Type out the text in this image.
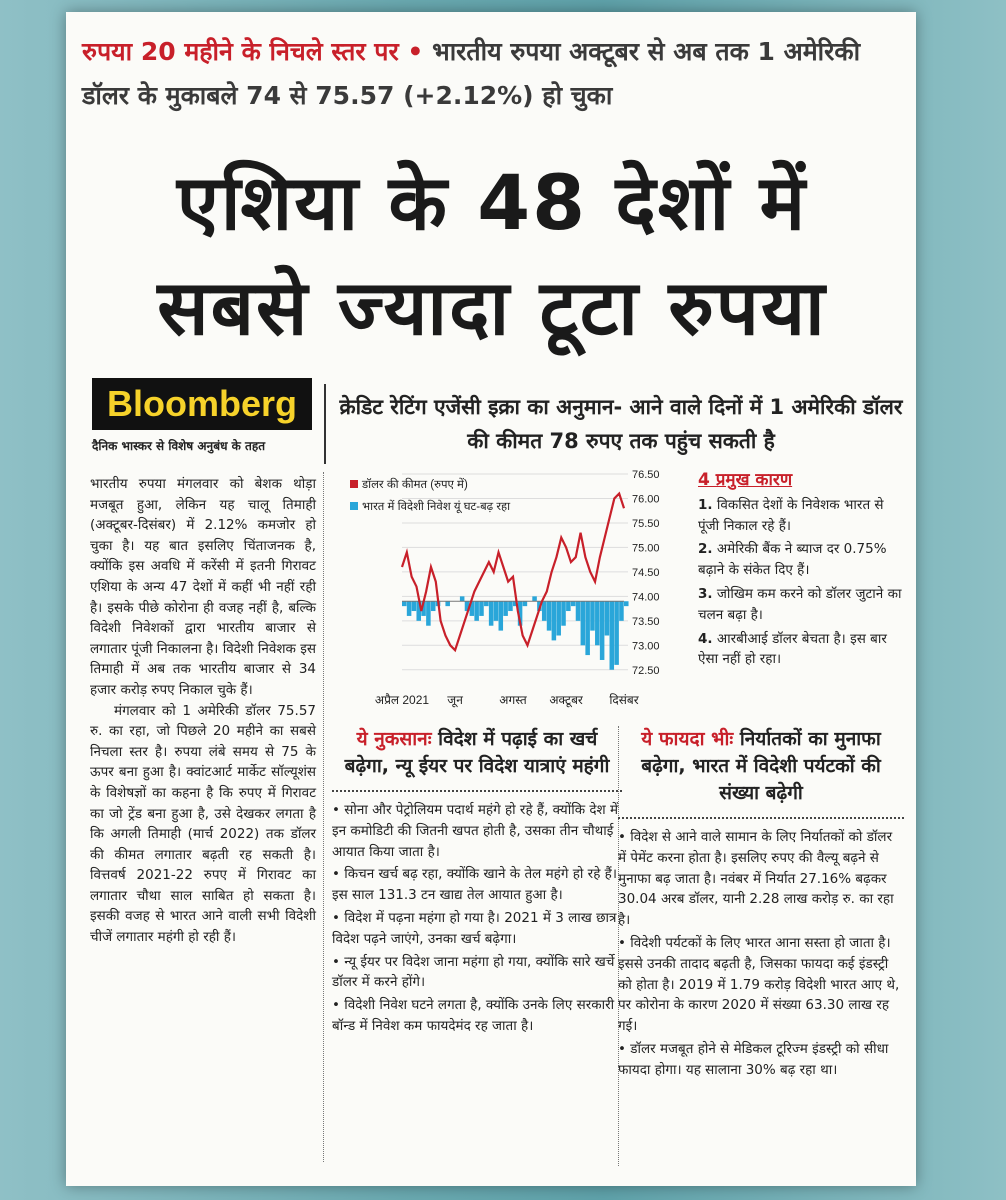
रुपया 20 महीने के निचले स्तर पर • भारतीय रुपया अक्टूबर से अब तक 1 अमेरिकी डॉलर के मुकाबले 74 से 75.57 (+2.12%) हो चुका
एशिया के 48 देशों में
सबसे ज्यादा टूटा रुपया
Bloomberg
दैनिक भास्कर से विशेष अनुबंध के तहत
क्रेडिट रेटिंग एजेंसी इक्रा का अनुमान- आने वाले दिनों में 1 अमेरिकी डॉलर की कीमत 78 रुपए तक पहुंच सकती है

भारतीय रुपया मंगलवार को बेशक थोड़ा मजबूत हुआ, लेकिन यह चालू तिमाही (अक्टूबर-दिसंबर) में 2.12% कमजोर हो चुका है। यह बात इसलिए चिंताजनक है, क्योंकि इस अवधि में करेंसी में इतनी गिरावट एशिया के अन्य 47 देशों में कहीं भी नहीं रही है। इसके पीछे कोरोना ही वजह नहीं है, बल्कि विदेशी निवेशकों द्वारा भारतीय बाजार से लगातार पूंजी निकालना है। विदेशी निवेशक इस तिमाही में अब तक भारतीय बाजार से 34 हजार करोड़ रुपए निकाल चुके हैं।

मंगलवार को 1 अमेरिकी डॉलर 75.57 रु. का रहा, जो पिछले 20 महीने का सबसे निचला स्तर है। रुपया लंबे समय से 75 के ऊपर बना हुआ है। क्वांटआर्ट मार्केट सॉल्यूशंस के विशेषज्ञों का कहना है कि रुपए में गिरावट का जो ट्रेंड बना हुआ है, उसे देखकर लगता है कि अगली तिमाही (मार्च 2022) तक डॉलर की कीमत लगातार बढ़ती रह सकती है। वित्तवर्ष 2021-22 रुपए में गिरावट का लगातार चौथा साल साबित हो सकता है। इसकी वजह से भारत आने वाली सभी विदेशी चीजें लगातार महंगी हो रही हैं।

76.50
76.00
75.50
75.00
74.50
74.00
73.50
73.00
72.50
अप्रैल 2021 जून	अगस्त अक्टूबर दिसंबर
डॉलर की कीमत (रुपए में)
भारत में विदेशी निवेश यूं घट-बढ़ रहा
4 प्रमुख कारण
1. विकसित देशों के निवेशक भारत से पूंजी निकाल रहे हैं।
2. अमेरिकी बैंक ने ब्याज दर 0.75% बढ़ाने के संकेत दिए हैं।
3. जोखिम कम करने को डॉलर जुटाने का चलन बढ़ा है।
4. आरबीआई डॉलर बेचता है। इस बार ऐसा नहीं हो रहा।
ये नुकसानः विदेश में पढ़ाई का खर्च बढ़ेगा, न्यू ईयर पर विदेश यात्राएं महंगी

• सोना और पेट्रोलियम पदार्थ महंगे हो रहे हैं, क्योंकि देश में इन कमोडिटी की जितनी खपत होती है, उसका तीन चौथाई आयात किया जाता है।

• किचन खर्च बढ़ रहा, क्योंकि खाने के तेल महंगे हो रहे हैं। इस साल 131.3 टन खाद्य तेल आयात हुआ है।

• विदेश में पढ़ना महंगा हो गया है। 2021 में 3 लाख छात्र विदेश पढ़ने जाएंगे, उनका खर्च बढ़ेगा।

• न्यू ईयर पर विदेश जाना महंगा हो गया, क्योंकि सारे खर्चे डॉलर में करने होंगे।

• विदेशी निवेश घटने लगता है, क्योंकि उनके लिए सरकारी बॉन्ड में निवेश कम फायदेमंद रह जाता है।

ये फायदा भीः निर्यातकों का मुनाफा बढ़ेगा, भारत में विदेशी पर्यटकों की संख्या बढ़ेगी

• विदेश से आने वाले सामान के लिए निर्यातकों को डॉलर में पेमेंट करना होता है। इसलिए रुपए की वैल्यू बढ़ने से मुनाफा बढ़ जाता है। नवंबर में निर्यात 27.16% बढ़कर 30.04 अरब डॉलर, यानी 2.28 लाख करोड़ रु. का रहा है।

• विदेशी पर्यटकों के लिए भारत आना सस्ता हो जाता है। इससे उनकी तादाद बढ़ती है, जिसका फायदा कई इंडस्ट्री को होता है। 2019 में 1.79 करोड़ विदेशी भारत आए थे, पर कोरोना के कारण 2020 में संख्या 63.30 लाख रह गई।

• डॉलर मजबूत होने से मेडिकल टूरिज्म इंडस्ट्री को सीधा फायदा होगा। यह सालाना 30% बढ़ रहा था।
